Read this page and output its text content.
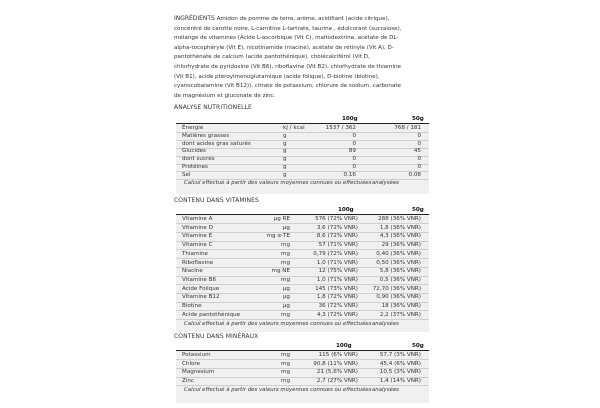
INGRÉDIENTS Amidon de pomme de terre, arôme, acidifiant (acide citrique),
concentré de carotte noire, L-carnitine L-tartrate, taurine , édulcorant (sucralose),
mélange de vitamines (Acide L-ascorbique (Vit C), maltodextrine, acétate de DL-
alpha-tocophéryle (Vit E), nicotinamide (niacine), acétate de rétinyle (Vit A), D-
pantothénate de calcium (acide pantothénique), cholécalciférol (Vit D,
chlorhydrate de pyridoxine (Vit B6), riboflavine (Vit B2), chlorhydrate de thiamine
(Vit B1), acide ptéroylmonoglutamique (acide folique), D-biotine (biotine),
cyanocobalamine (Vit B12)), citrate de potassium, chlorure de sodium, carbonate
de magnésium et gluconate de zinc.
ANALYSE NUTRITIONELLE
100g	50g
Énergie	kJ / kcal	1537 / 362	768 / 181
Matières grasses	g	0	0
dont acides gras saturés	g	0	0
Glucides	g	89	45
dont sucres	g	0	0
Protéines	g	0	0
Sel	g	0.16	0.08
Calcul effectué à partir des valeurs moyennes connues ou effectuées analysées
CONTENU DANS VITAMINES
100g	50g
Vitamine A	µg RE	576 (72% VNR)	288 (36% VNR)
Vitamine D	µg	3,6 (72% VNR)	1,8 (36% VNR)
Vitamine E	mg α-TE	8,6 (72% VNR)	4,3 (36% VNR)
Vitamine C	mg	57 (71% VNR)	29 (36% VNR)
Thiamine	mg	0,79 (72% VNR)	0,40 (36% VNR)
Riboflavine	mg	1,0 (71% VNR)	0,50 (36% VNR)
Niacine	mg NE	12 (75% VNR)	5,8 (36% VNR)
Vitamine B6	mg	1,0 (71% VNR)	0,5 (36% VNR)
Acide Folique	µg	145 (73% VNR)	72,70 (36% VNR)
Vitamine B12	µg	1,8 (72% VNR)	0,90 (36% VNR)
Biotine	µg	36 (72% VNR)	18 (36% VNR)
Acide pantothénique	mg	4,3 (72% VNR)	2,2 (37% VNR)
Calcul effectué à partir des valeurs moyennes connues ou effectuées analysées
CONTENU DANS MINÉRAUX
100g	50g
Potassium	mg	115 (6% VNR)	57,7 (3% VNR)
Chlore	mg	90,8 (11% VNR)	45,4 (6% VNR)
Magnesium	mg	21 (5,6% VNR)	10,5 (3% VNR)
Zinc	mg	2,7 (27% VNR)	1,4 (14% VNR)
Calcul effectué à partir des valeurs moyennes connues ou effectuées analysées
